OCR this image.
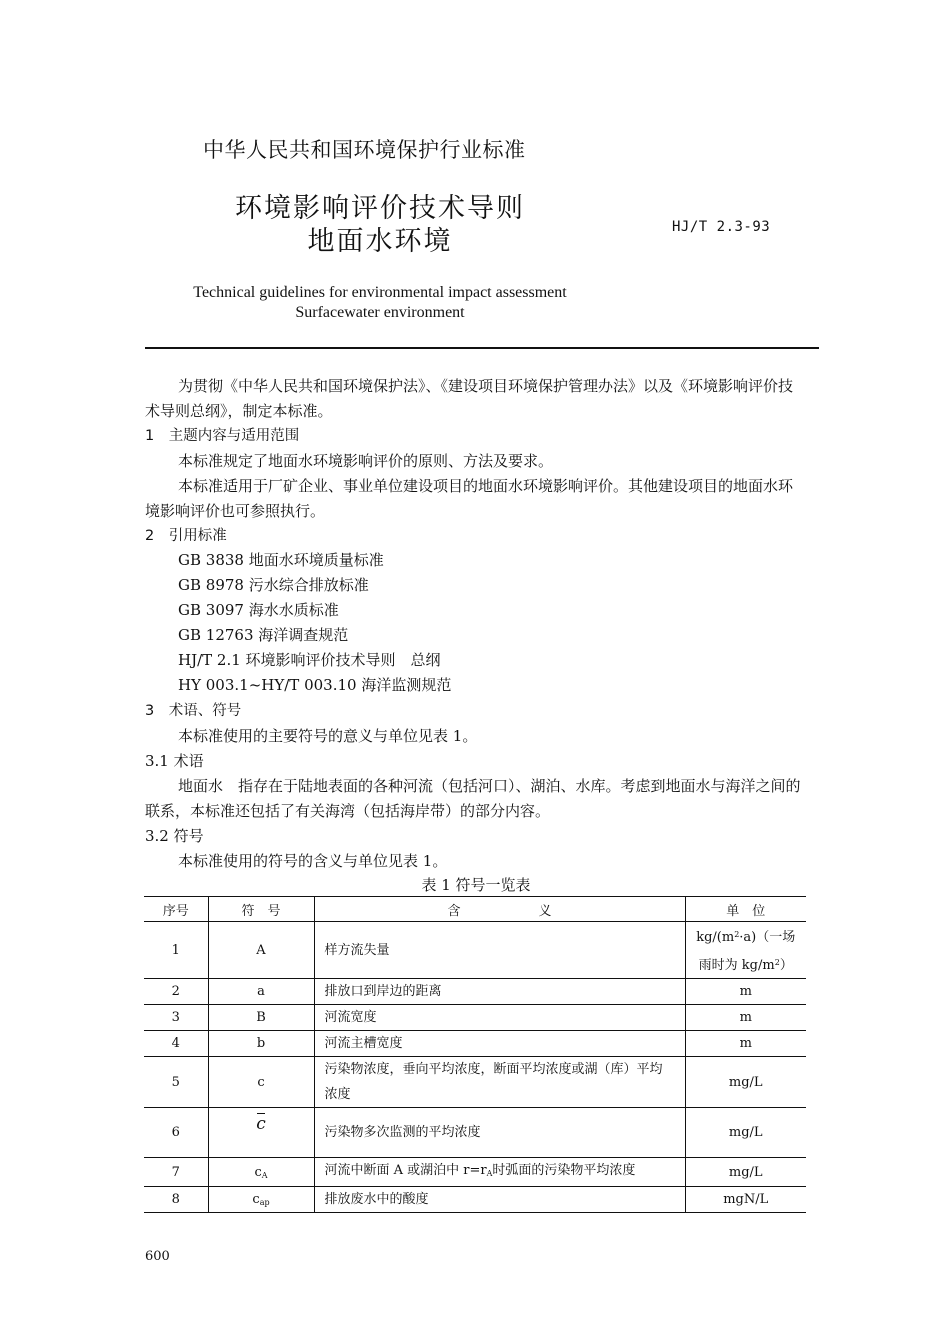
中华人民共和国环境保护行业标准
环境影响评价技术导则
地面水环境	HJ/T 2.3-93
Technical guidelines for environmental impact assessment
Surfacewater environment
为贯彻《中华人民共和国环境保护法》、《建设项目环境保护管理办法》以及《环境影响评价技术导则总纲》，制定本标准。
1　主题内容与适用范围
本标准规定了地面水环境影响评价的原则、方法及要求。
本标准适用于厂矿企业、事业单位建设项目的地面水环境影响评价。其他建设项目的地面水环境影响评价也可参照执行。
2　引用标准
GB 3838 地面水环境质量标准
GB 8978 污水综合排放标准
GB 3097 海水水质标准
GB 12763 海洋调查规范
HJ/T 2.1 环境影响评价技术导则　总纲
HY 003.1~HY/T 003.10 海洋监测规范
3　术语、符号
本标准使用的主要符号的意义与单位见表 1。
3.1 术语
地面水　指存在于陆地表面的各种河流（包括河口）、湖泊、水库。考虑到地面水与海洋之间的联系，本标准还包括了有关海湾（包括海岸带）的部分内容。
3.2 符号
本标准使用的符号的含义与单位见表 1。
表 1 符号一览表
序号	符　号	含　　　　　　义	单　位
1	A	样方流失量	$kg/(m^2\cdot a)$（一场
雨时为 $kg/m^2$）

2	a	排放口到岸边的距离	m
3	B	河流宽度	m
4	b	河流主槽宽度	m
5	c	污染物浓度，垂向平均浓度，断面平均浓度或湖（库）平均浓度	mg/L
6	c	污染物多次监测的平均浓度	mg/L
7	$c_A$	河流中断面 A 或湖泊中 $r=r_A$时弧面的污染物平均浓度	mg/L
8	$c_{ap}$	排放废水中的酸度	mgN/L
600
